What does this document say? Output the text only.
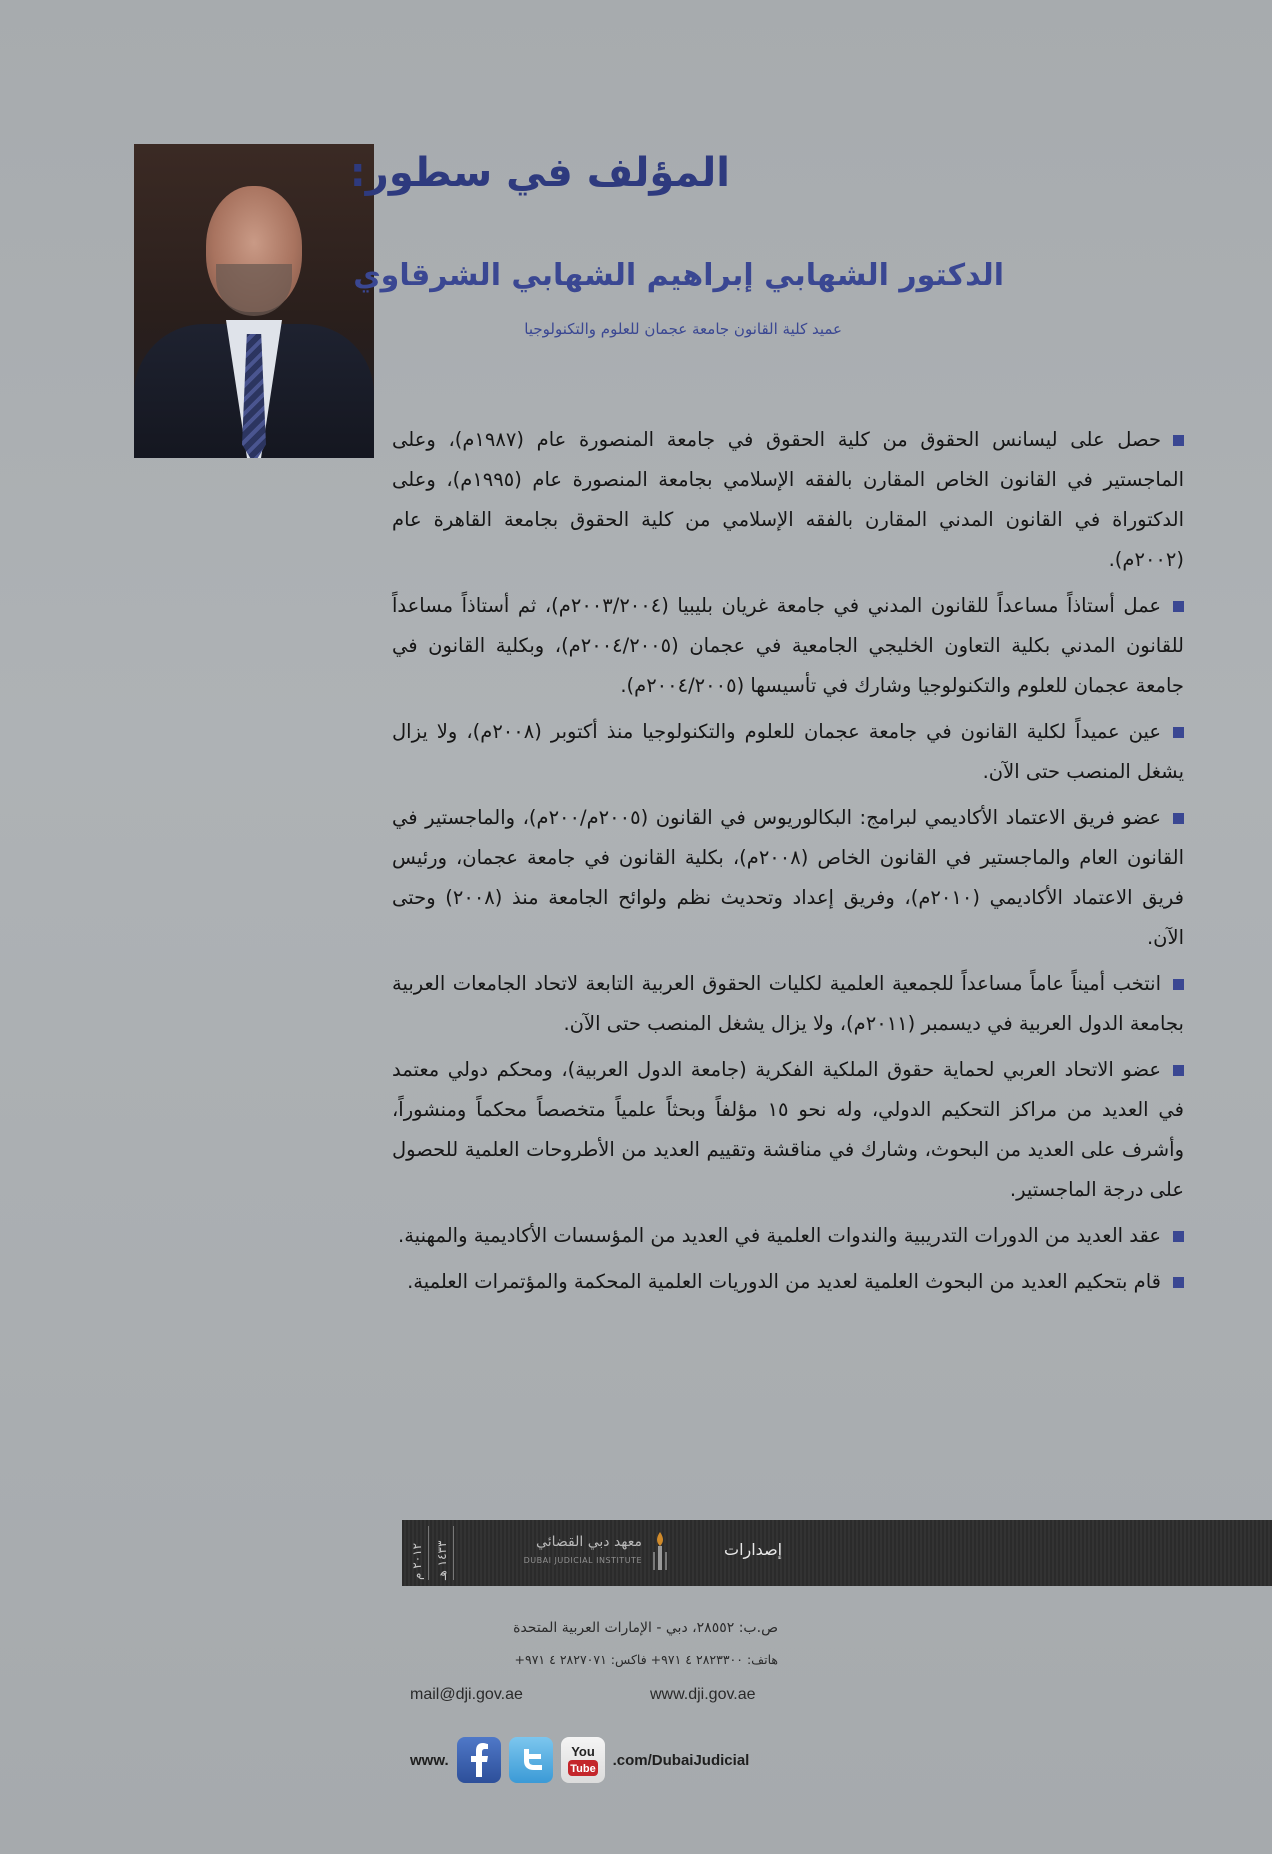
المؤلف في سطور:
الدكتور الشهابي إبراهيم الشهابي الشرقاوي
عميد كلية القانون جامعة عجمان للعلوم والتكنولوجيا
حصل على ليسانس الحقوق من كلية الحقوق في جامعة المنصورة عام (١٩٨٧م)، وعلى الماجستير في القانون الخاص المقارن بالفقه الإسلامي بجامعة المنصورة عام (١٩٩٥م)، وعلى الدكتوراة في القانون المدني المقارن بالفقه الإسلامي من كلية الحقوق بجامعة القاهرة عام (٢٠٠٢م).
عمل أستاذاً مساعداً للقانون المدني في جامعة غريان بليبيا (٢٠٠٣/٢٠٠٤م)، ثم أستاذاً مساعداً للقانون المدني بكلية التعاون الخليجي الجامعية في عجمان (٢٠٠٤/٢٠٠٥م)، وبكلية القانون في جامعة عجمان للعلوم والتكنولوجيا وشارك في تأسيسها (٢٠٠٤/٢٠٠٥م).
عين عميداً لكلية القانون في جامعة عجمان للعلوم والتكنولوجيا منذ أكتوبر (٢٠٠٨م)، ولا يزال يشغل المنصب حتى الآن.
عضو فريق الاعتماد الأكاديمي لبرامج: البكالوريوس في القانون (٢٠٠٥م/٢٠٠م)، والماجستير في القانون العام والماجستير في القانون الخاص (٢٠٠٨م)، بكلية القانون في جامعة عجمان، ورئيس فريق الاعتماد الأكاديمي (٢٠١٠م)، وفريق إعداد وتحديث نظم ولوائح الجامعة منذ (٢٠٠٨) وحتى الآن.
انتخب أميناً عاماً مساعداً للجمعية العلمية لكليات الحقوق العربية التابعة لاتحاد الجامعات العربية بجامعة الدول العربية في ديسمبر (٢٠١١م)، ولا يزال يشغل المنصب حتى الآن.
عضو الاتحاد العربي لحماية حقوق الملكية الفكرية (جامعة الدول العربية)، ومحكم دولي معتمد في العديد من مراكز التحكيم الدولي، وله نحو ١٥ مؤلفاً وبحثاً علمياً متخصصاً محكماً ومنشوراً، وأشرف على العديد من البحوث، وشارك في مناقشة وتقييم العديد من الأطروحات العلمية للحصول على درجة الماجستير.
عقد العديد من الدورات التدريبية والندوات العلمية في العديد من المؤسسات الأكاديمية والمهنية.
قام بتحكيم العديد من البحوث العلمية لعديد من الدوريات العلمية المحكمة والمؤتمرات العلمية.
٢٠١٢ م
١٤٣٣ هـ	معهد دبي القضائي
DUBAI JUDICIAL INSTITUTE
إصدارات
ص.ب: ٢٨٥٥٢، دبي - الإمارات العربية المتحدة
هاتف: ٢٨٢٣٣٠٠ ٤ ٩٧١+ فاكس: ٢٨٢٧٠٧١ ٤ ٩٧١+
mail@dji.gov.ae	www.dji.gov.ae
www.	You
Tube
.com/DubaiJudicial
